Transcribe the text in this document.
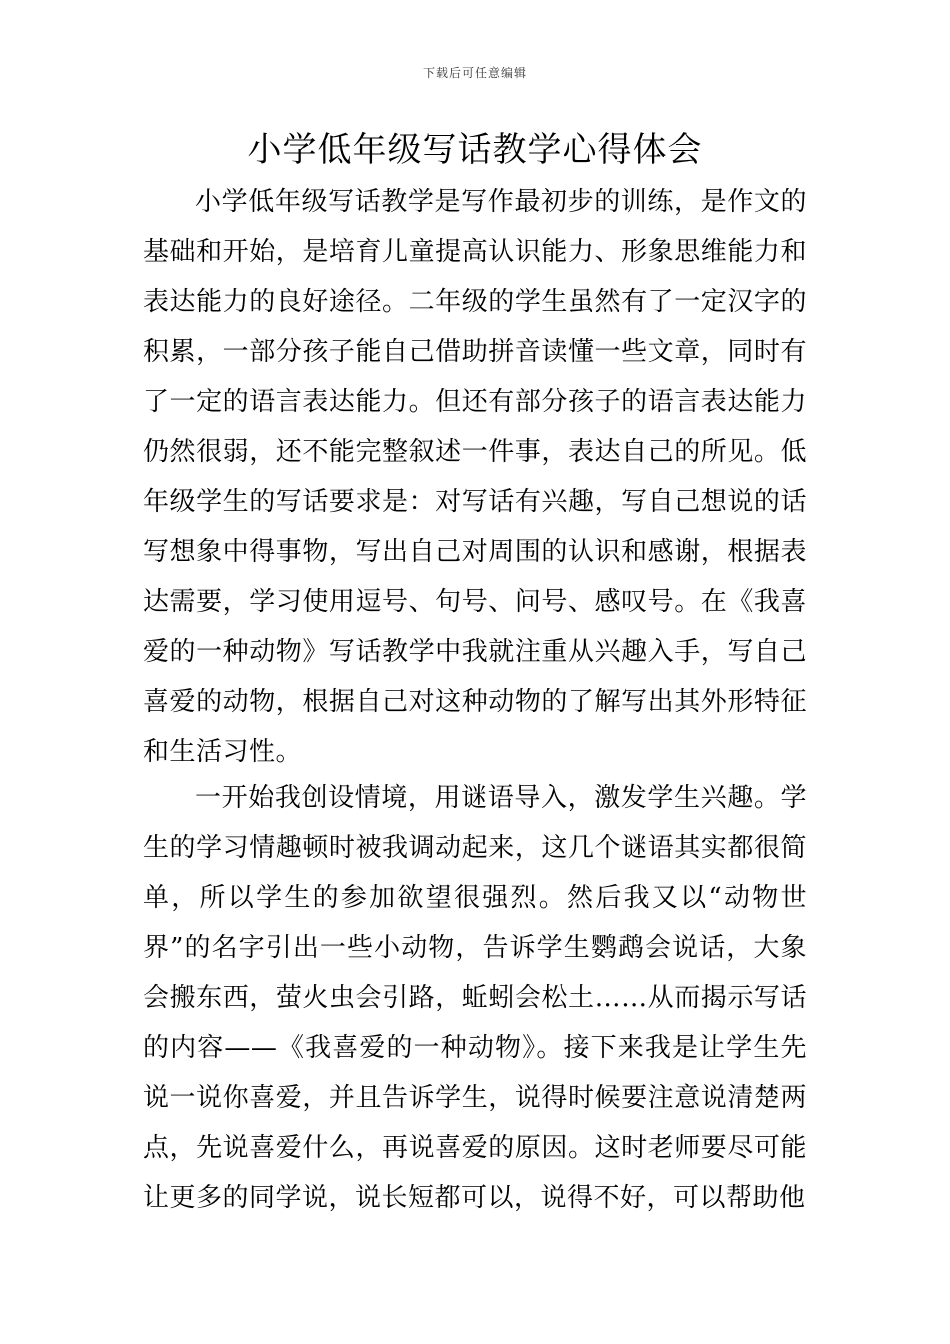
下载后可任意编辑
小学低年级写话教学心得体会

小学低年级写话教学是写作最初步的训练，是作文的基础和开始，是培育儿童提高认识能力、形象思维能力和表达能力的良好途径。二年级的学生虽然有了一定汉字的积累，一部分孩子能自己借助拼音读懂一些文章，同时有了一定的语言表达能力。但还有部分孩子的语言表达能力仍然很弱，还不能完整叙述一件事，表达自己的所见。低年级学生的写话要求是：对写话有兴趣，写自己想说的话写想象中得事物，写出自己对周围的认识和感谢，根据表达需要，学习使用逗号、句号、问号、感叹号。在《我喜爱的一种动物》写话教学中我就注重从兴趣入手，写自己喜爱的动物，根据自己对这种动物的了解写出其外形特征和生活习性。

一开始我创设情境，用谜语导入，激发学生兴趣。学生的学习情趣顿时被我调动起来，这几个谜语其实都很简单，所以学生的参加欲望很强烈。然后我又以“动物世界”的名字引出一些小动物，告诉学生鹦鹉会说话，大象会搬东西，萤火虫会引路，蚯蚓会松土……从而揭示写话的内容——《我喜爱的一种动物》。接下来我是让学生先说一说你喜爱，并且告诉学生，说得时候要注意说清楚两点，先说喜爱什么，再说喜爱的原因。这时老师要尽可能让更多的同学说，说长短都可以，说得不好，可以帮助他
